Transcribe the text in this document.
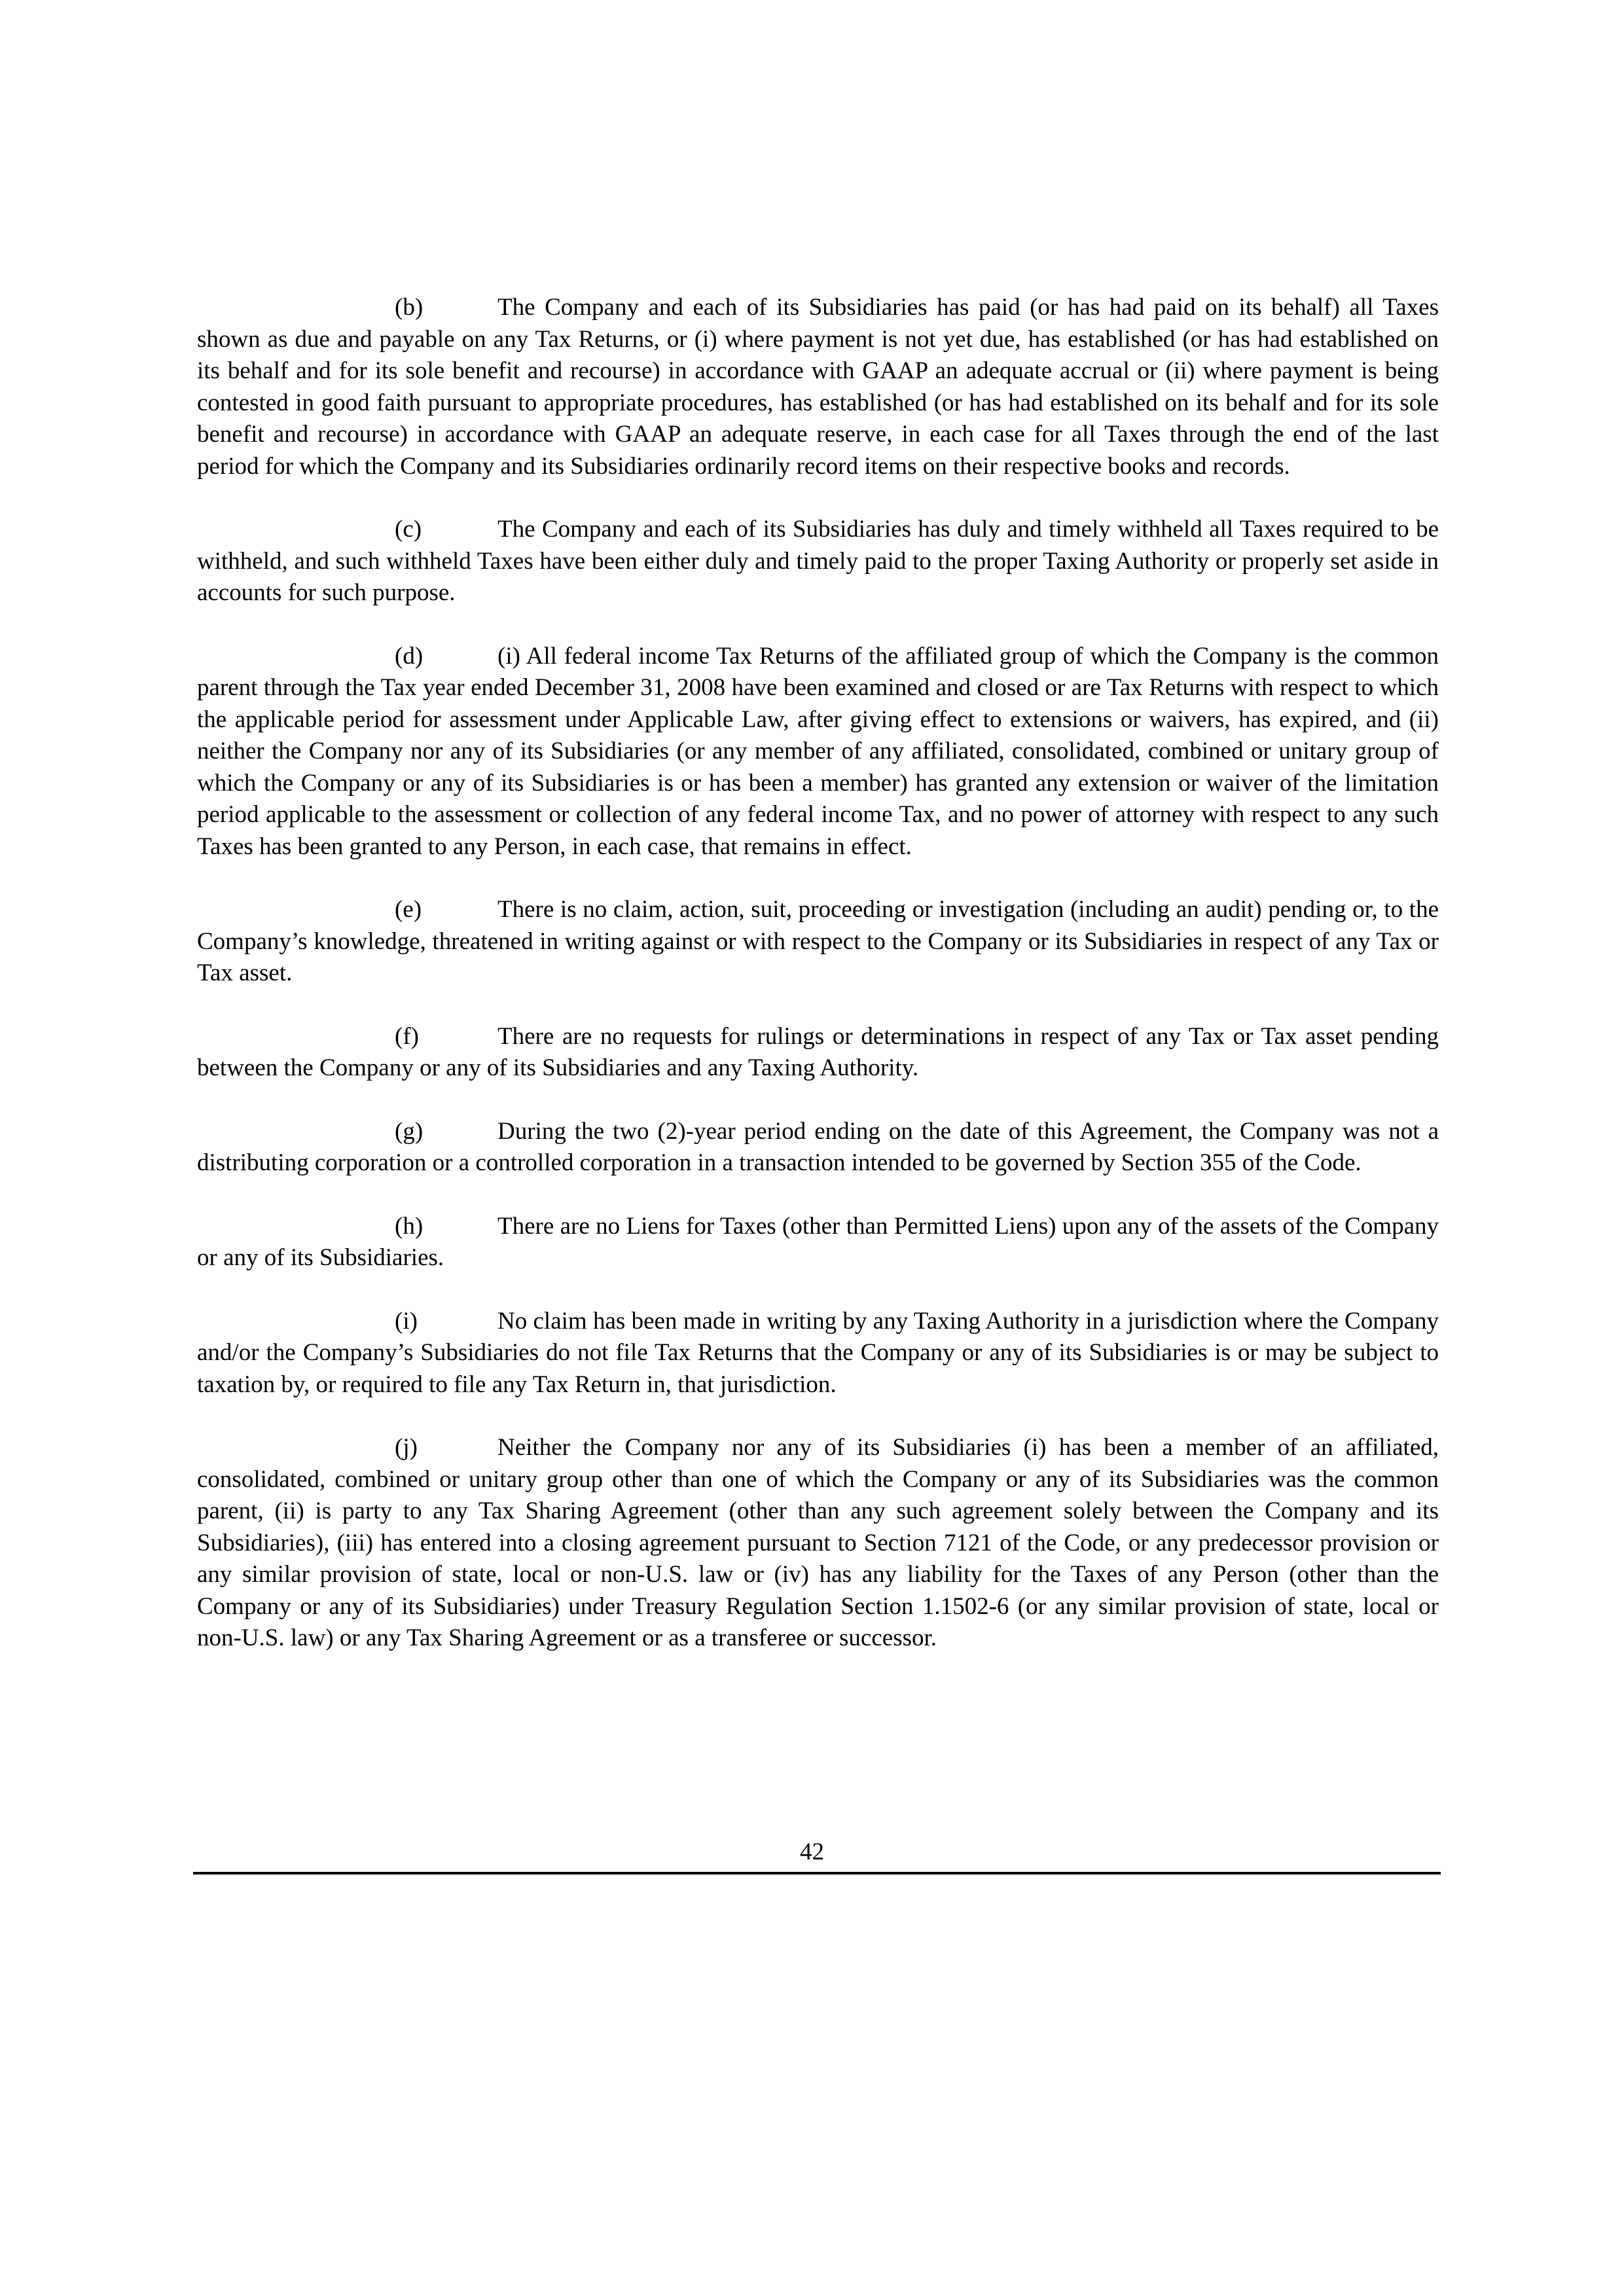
(b)	The Company and each of its Subsidiaries has paid (or has had paid on its behalf) all Taxes shown as due and payable on any Tax Returns, or (i) where payment is not yet due, has established (or has had established on its behalf and for its sole benefit and recourse) in accordance with GAAP an adequate accrual or (ii) where payment is being contested in good faith pursuant to appropriate procedures, has established (or has had established on its behalf and for its sole benefit and recourse) in accordance with GAAP an adequate reserve, in each case for all Taxes through the end of the last period for which the Company and its Subsidiaries ordinarily record items on their respective books and records.

(c)	The Company and each of its Subsidiaries has duly and timely withheld all Taxes required to be withheld, and such withheld Taxes have been either duly and timely paid to the proper Taxing Authority or properly set aside in accounts for such purpose.

(d)	(i) All federal income Tax Returns of the affiliated group of which the Company is the common parent through the Tax year ended December 31, 2008 have been examined and closed or are Tax Returns with respect to which the applicable period for assessment under Applicable Law, after giving effect to extensions or waivers, has expired, and (ii) neither the Company nor any of its Subsidiaries (or any member of any affiliated, consolidated, combined or unitary group of which the Company or any of its Subsidiaries is or has been a member) has granted any extension or waiver of the limitation period applicable to the assessment or collection of any federal income Tax, and no power of attorney with respect to any such Taxes has been granted to any Person, in each case, that remains in effect.

(e)	There is no claim, action, suit, proceeding or investigation (including an audit) pending or, to the Company’s knowledge, threatened in writing against or with respect to the Company or its Subsidiaries in respect of any Tax or Tax asset.

(f)	There are no requests for rulings or determinations in respect of any Tax or Tax asset pending between the Company or any of its Subsidiaries and any Taxing Authority.

(g)	During the two (2)-year period ending on the date of this Agreement, the Company was not a distributing corporation or a controlled corporation in a transaction intended to be governed by Section 355 of the Code.

(h)	There are no Liens for Taxes (other than Permitted Liens) upon any of the assets of the Company or any of its Subsidiaries.

(i)	No claim has been made in writing by any Taxing Authority in a jurisdiction where the Company and/or the Company’s Subsidiaries do not file Tax Returns that the Company or any of its Subsidiaries is or may be subject to taxation by, or required to file any Tax Return in, that jurisdiction.

(j)	Neither the Company nor any of its Subsidiaries (i) has been a member of an affiliated, consolidated, combined or unitary group other than one of which the Company or any of its Subsidiaries was the common parent, (ii) is party to any Tax Sharing Agreement (other than any such agreement solely between the Company and its Subsidiaries), (iii) has entered into a closing agreement pursuant to Section 7121 of the Code, or any predecessor provision or any similar provision of state, local or non-U.S. law or (iv) has any liability for the Taxes of any Person (other than the Company or any of its Subsidiaries) under Treasury Regulation Section 1.1502-6 (or any similar provision of state, local or non-U.S. law) or any Tax Sharing Agreement or as a transferee or successor.

42
